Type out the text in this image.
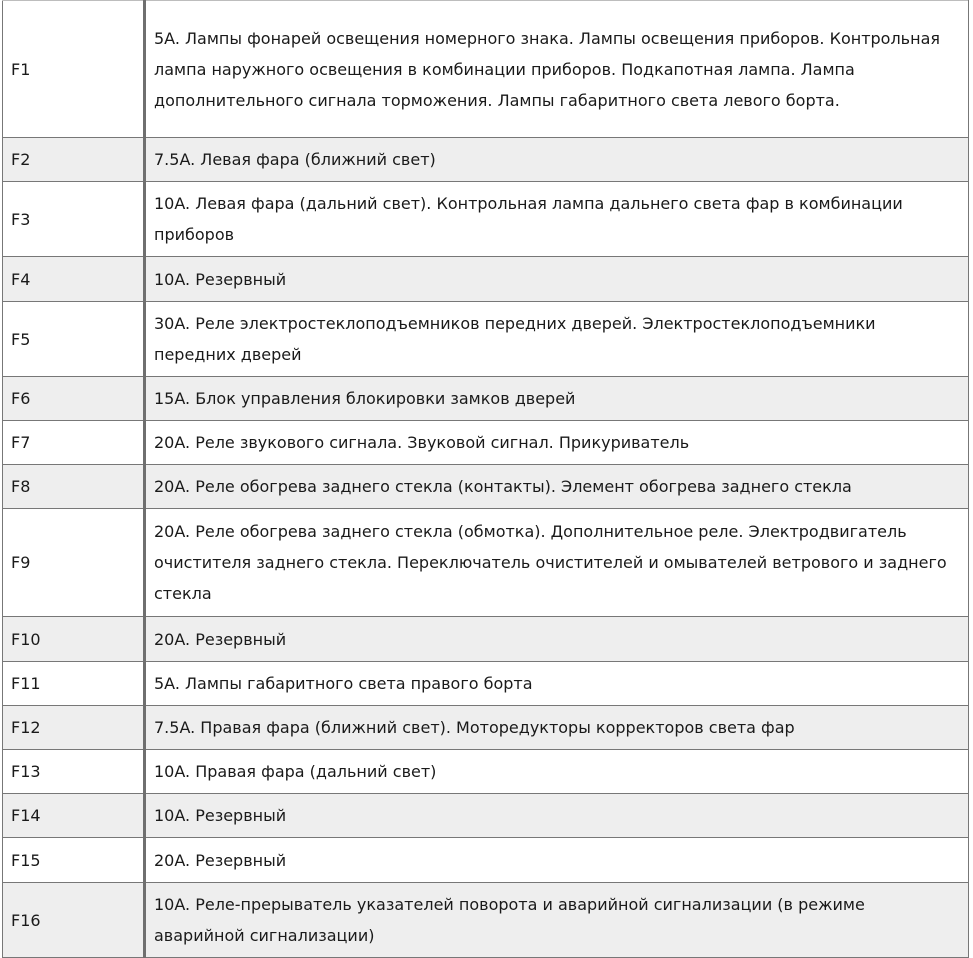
F1	5A. Лампы фонарей освещения номерного знака. Лампы освещения приборов. Контрольная лампа наружного освещения в комбинации приборов. Подкапотная лампа. Лампа дополнительного сигнала торможения. Лампы габаритного света левого борта.
F2	7.5A. Левая фара (ближний свет)
F3	10A. Левая фара (дальний свет). Контрольная лампа дальнего света фар в комбинации приборов
F4	10A. Резервный
F5	30A. Реле электростеклоподъемников передних дверей. Электростеклоподъемники передних дверей
F6	15A. Блок управления блокировки замков дверей
F7	20A. Реле звукового сигнала. Звуковой сигнал. Прикуриватель
F8	20A. Реле обогрева заднего стекла (контакты). Элемент обогрева заднего стекла
F9	20A. Реле обогрева заднего стекла (обмотка). Дополнительное реле. Электродвигатель очистителя заднего стекла. Переключатель очистителей и омывателей ветрового и заднего стекла
F10	20A. Резервный
F11	5A. Лампы габаритного света правого борта
F12	7.5A. Правая фара (ближний свет). Моторедукторы корректоров света фар
F13	10A. Правая фара (дальний свет)
F14	10A. Резервный
F15	20A. Резервный
F16	10A. Реле-прерыватель указателей поворота и аварийной сигнализации (в режиме аварийной сигнализации)
